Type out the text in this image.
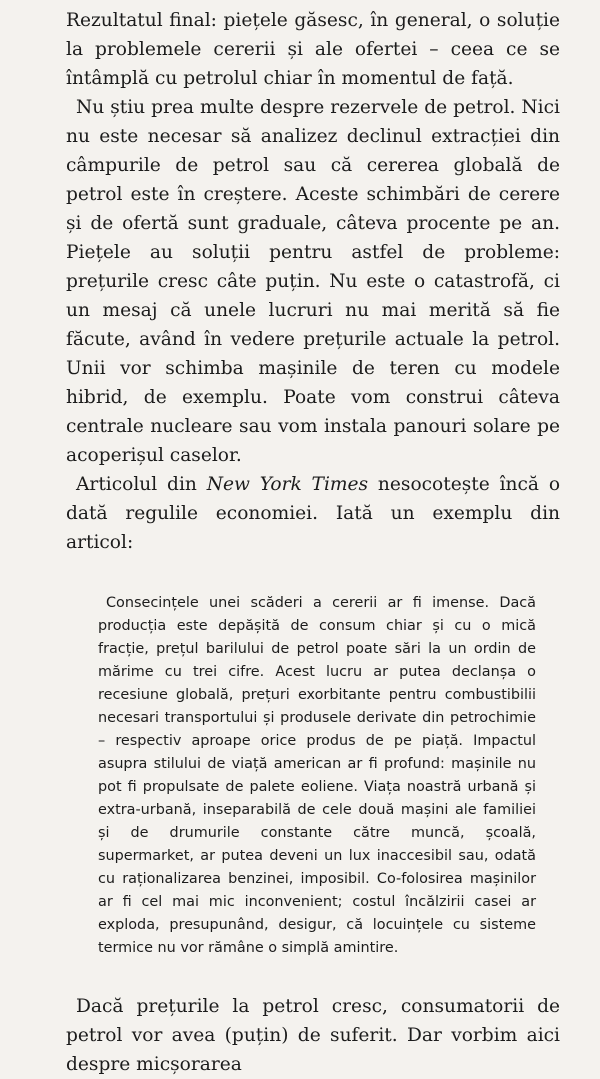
Rezultatul final: piețele găsesc, în general, o soluție la problemele cererii și ale ofertei – ceea ce se întâmplă cu petrolul chiar în momentul de față.

Nu știu prea multe despre rezervele de petrol. Nici nu este necesar să analizez declinul extracției din câmpurile de petrol sau că cererea globală de petrol este în creștere. Aceste schimbări de cerere și de ofertă sunt graduale, câteva procente pe an. Piețele au soluții pentru astfel de probleme: prețurile cresc câte puțin. Nu este o catastrofă, ci un mesaj că unele lucruri nu mai merită să fie făcute, având în vedere prețurile actuale la petrol. Unii vor schimba mașinile de teren cu modele hibrid, de exemplu. Poate vom construi câteva centrale nucleare sau vom instala panouri solare pe acoperișul caselor.

Articolul din New York Times nesocotește încă o dată regulile economiei. Iată un exemplu din articol:

Consecințele unei scăderi a cererii ar fi imense. Dacă producția este depășită de consum chiar și cu o mică fracție, prețul barilului de petrol poate sări la un ordin de mărime cu trei cifre. Acest lucru ar putea declanșa o recesiune globală, prețuri exorbitante pentru combustibilii necesari transportului și produsele derivate din petrochimie – respectiv aproape orice produs de pe piață. Impactul asupra stilului de viață american ar fi profund: mașinile nu pot fi propulsate de palete eoliene. Viața noastră urbană și extra-urbană, inseparabilă de cele două mașini ale familiei și de drumurile constante către muncă, școală, supermarket, ar putea deveni un lux inaccesibil sau, odată cu raționalizarea benzinei, imposibil. Co-folosirea mașinilor ar fi cel mai mic inconvenient; costul încălzirii casei ar exploda, presupunând, desigur, că locuințele cu sisteme termice nu vor rămâne o simplă amintire.

Dacă prețurile la petrol cresc, consumatorii de petrol vor avea (puțin) de suferit. Dar vorbim aici despre micșorarea
